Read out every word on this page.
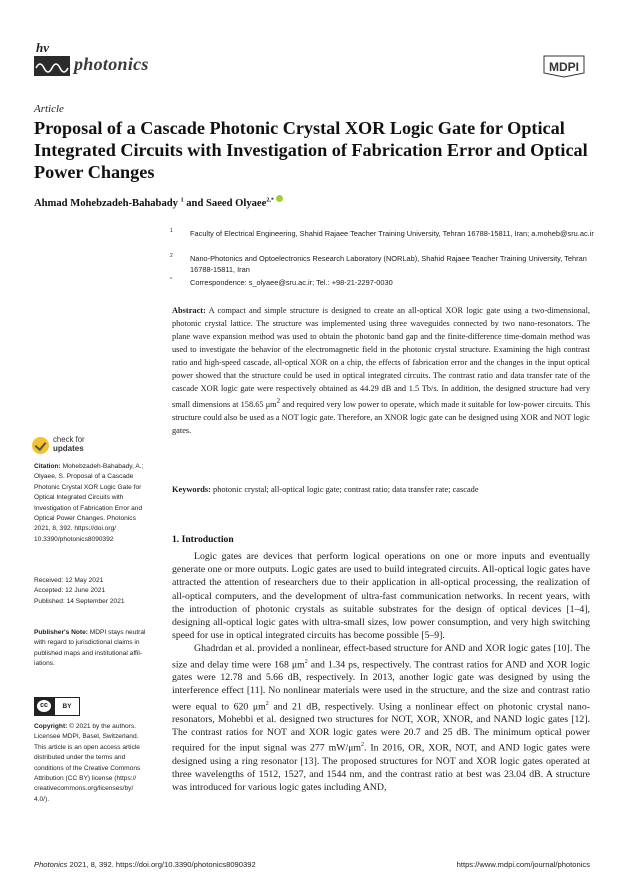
hv
photonics	MDPI
Article
Proposal of a Cascade Photonic Crystal XOR Logic Gate for Optical Integrated Circuits with Investigation of Fabrication Error and Optical Power Changes
Ahmad Mohebzadeh-Bahabady $^1$ and Saeed Olyaee$^{2,*}$
1 Faculty of Electrical Engineering, Shahid Rajaee Teacher Training University, Tehran 16788-15811, Iran; a.moheb@sru.ac.ir
2 Nano-Photonics and Optoelectronics Research Laboratory (NORLab), Shahid Rajaee Teacher Training University, Tehran 16788-15811, Iran
* Correspondence: s_olyaee@sru.ac.ir; Tel.: +98-21-2297-0030

Abstract: A compact and simple structure is designed to create an all-optical XOR logic gate using a two-dimensional, photonic crystal lattice. The structure was implemented using three waveguides connected by two nano-resonators. The plane wave expansion method was used to obtain the photonic band gap and the finite-difference time-domain method was used to investigate the behavior of the electromagnetic field in the photonic crystal structure. Examining the high contrast ratio and high-speed cascade, all-optical XOR on a chip, the effects of fabrication error and the changes in the input optical power showed that the structure could be used in optical integrated circuits. The contrast ratio and data transfer rate of the cascade XOR logic gate were respectively obtained as 44.29 dB and 1.5 Tb/s. In addition, the designed structure had very small dimensions at 158.65 $\mu m^2$ and required very low power to operate, which made it suitable for low-power circuits. This structure could also be used as a NOT logic gate. Therefore, an XNOR logic gate can be designed using XOR and NOT logic gates.

Keywords: photonic crystal; all-optical logic gate; contrast ratio; data transfer rate; cascade
check for
updates
Citation: Mohebzadeh-Bahabady, A.;
Olyaee, S. Proposal of a Cascade
Photonic Crystal XOR Logic Gate for
Optical Integrated Circuits with
Investigation of Fabrication Error and
Optical Power Changes. Photonics
2021, 8, 392. https://doi.org/
10.3390/photonics8090392
Received: 12 May 2021
Accepted: 12 June 2021
Published: 14 September 2021
Publisher's Note: MDPI stays neutral
with regard to jurisdictional claims in
published maps and institutional affil-
iations.
cc
BY
Copyright: © 2021 by the authors.
Licensee MDPI, Basel, Switzerland.
This article is an open access article
distributed under the terms and
conditions of the Creative Commons
Attribution (CC BY) license (https://
creativecommons.org/licenses/by/
4.0/).
1. Introduction

Logic gates are devices that perform logical operations on one or more inputs and eventually generate one or more outputs. Logic gates are used to build integrated circuits. All-optical logic gates have attracted the attention of researchers due to their application in all-optical processing, the realization of all-optical computers, and the development of ultra-fast communication networks. In recent years, with the introduction of photonic crystals as suitable substrates for the design of optical devices [1–4], designing all-optical logic gates with ultra-small sizes, low power consumption, and very high switching speed for use in optical integrated circuits has become possible [5–9].

Ghadrdan et al. provided a nonlinear, effect-based structure for AND and XOR logic gates [10]. The size and delay time were 168 $\mu m^2$ and 1.34 ps, respectively. The contrast ratios for AND and XOR logic gates were 12.78 and 5.66 dB, respectively. In 2013, another logic gate was designed by using the interference effect [11]. No nonlinear materials were used in the structure, and the size and contrast ratio were equal to 620 $\mu m^2$ and 21 dB, respectively. Using a nonlinear effect on photonic crystal nano-resonators, Mohebbi et al. designed two structures for NOT, XOR, XNOR, and NAND logic gates [12]. The contrast ratios for NOT and XOR logic gates were 20.7 and 25 dB. The minimum optical power required for the input signal was 277 $mW/\mu m^2$. In 2016, OR, XOR, NOT, and AND logic gates were designed using a ring resonator [13]. The proposed structures for NOT and XOR logic gates operated at three wavelengths of 1512, 1527, and 1544 nm, and the contrast ratio at best was 23.04 dB. A structure was introduced for various logic gates including AND,

Photonics 2021, 8, 392. https://doi.org/10.3390/photonics8090392	https://www.mdpi.com/journal/photonics
